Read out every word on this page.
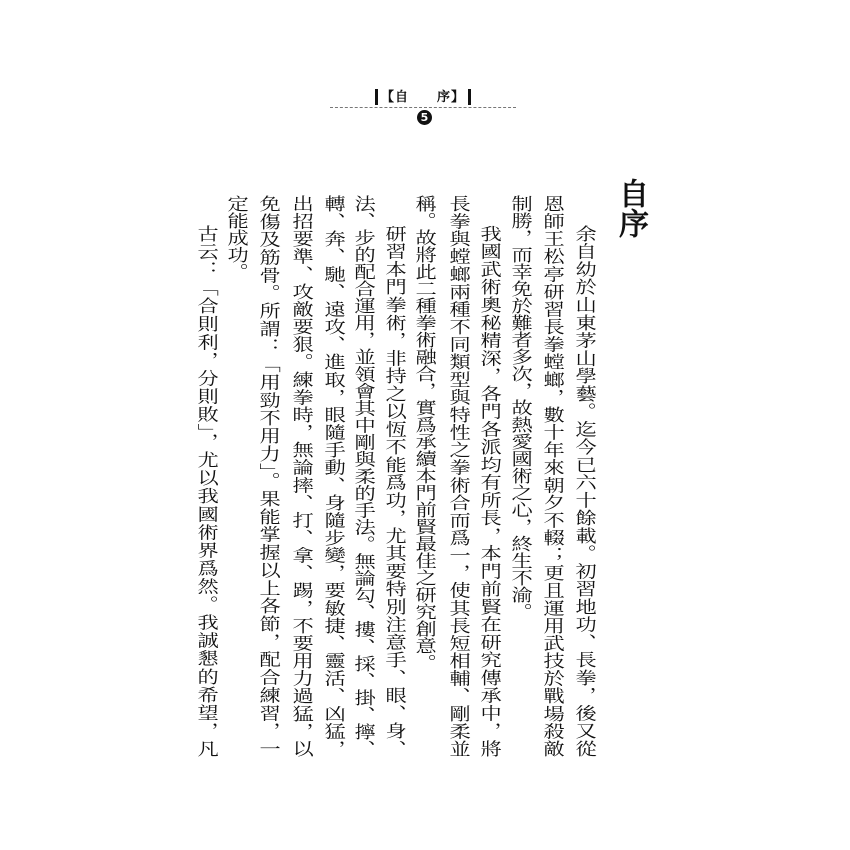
【自　　序】
5
自序
余自幼於山東茅山學藝。迄今已六十餘載。初習地功、長拳，後又從
恩師王松亭研習長拳螳螂，數十年來朝夕不輟；更且運用武技於戰場殺敵
制勝，而幸免於難者多次，故熱愛國術之心，終生不渝。
我國武術奧秘精深，各門各派均有所長，本門前賢在研究傳承中，將
長拳與螳螂兩種不同類型與特性之拳術合而爲一，使其長短相輔、剛柔並
稱。故將此二種拳術融合，實爲承續本門前賢最佳之研究創意。
研習本門拳術，非持之以恆不能爲功，尤其要特別注意手、眼、身、
法、步的配合運用，並領會其中剛與柔的手法。無論勾、摟、採、掛、擰、
轉、奔、馳、遠攻、進取，眼隨手動、身隨步變，要敏捷、靈活、凶猛，
出招要準、攻敵要狠。練拳時，無論摔、打、拿、踢，不要用力過猛，以
免傷及筋骨。所謂：「用勁不用力」。果能掌握以上各節，配合練習，一
定能成功。
古云：「合則利，分則敗」，尤以我國術界爲然。我誠懇的希望，凡
